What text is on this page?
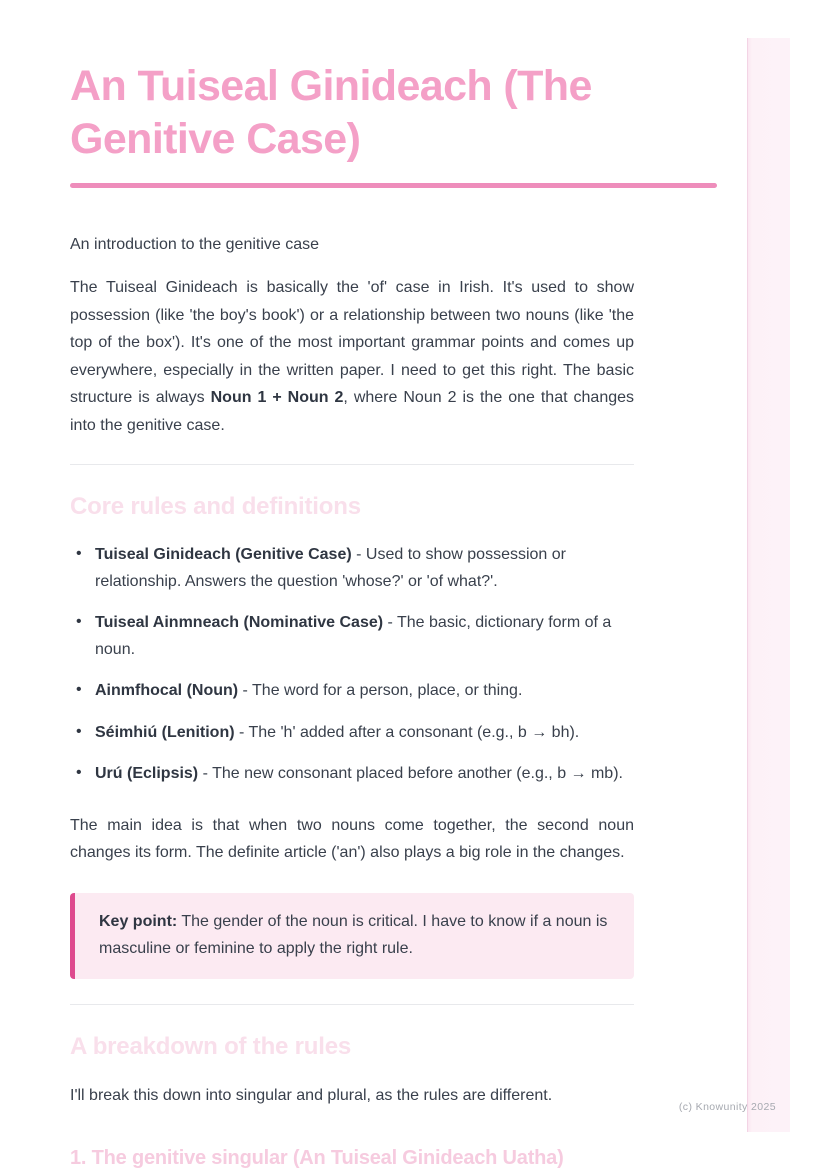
An Tuiseal Ginideach (The Genitive Case)
An introduction to the genitive case

The Tuiseal Ginideach is basically the 'of' case in Irish. It's used to show possession (like 'the boy's book') or a relationship between two nouns (like 'the top of the box'). It's one of the most important grammar points and comes up everywhere, especially in the written paper. I need to get this right. The basic structure is always Noun 1 + Noun 2, where Noun 2 is the one that changes into the genitive case.

Core rules and definitions
• Tuiseal Ginideach (Genitive Case) - Used to show possession or relationship. Answers the question 'whose?' or 'of what?'.
• Tuiseal Ainmneach (Nominative Case) - The basic, dictionary form of a noun.
• Ainmfhocal (Noun) - The word for a person, place, or thing.
• Séimhiú (Lenition) - The 'h' added after a consonant (e.g., b → bh).
• Urú (Eclipsis) - The new consonant placed before another (e.g., b → mb).

The main idea is that when two nouns come together, the second noun changes its form. The definite article ('an') also plays a big role in the changes.

Key point: The gender of the noun is critical. I have to know if a noun is masculine or feminine to apply the right rule.
A breakdown of the rules

I'll break this down into singular and plural, as the rules are different.

1. The genitive singular (An Tuiseal Ginideach Uatha)
(c) Knowunity 2025
